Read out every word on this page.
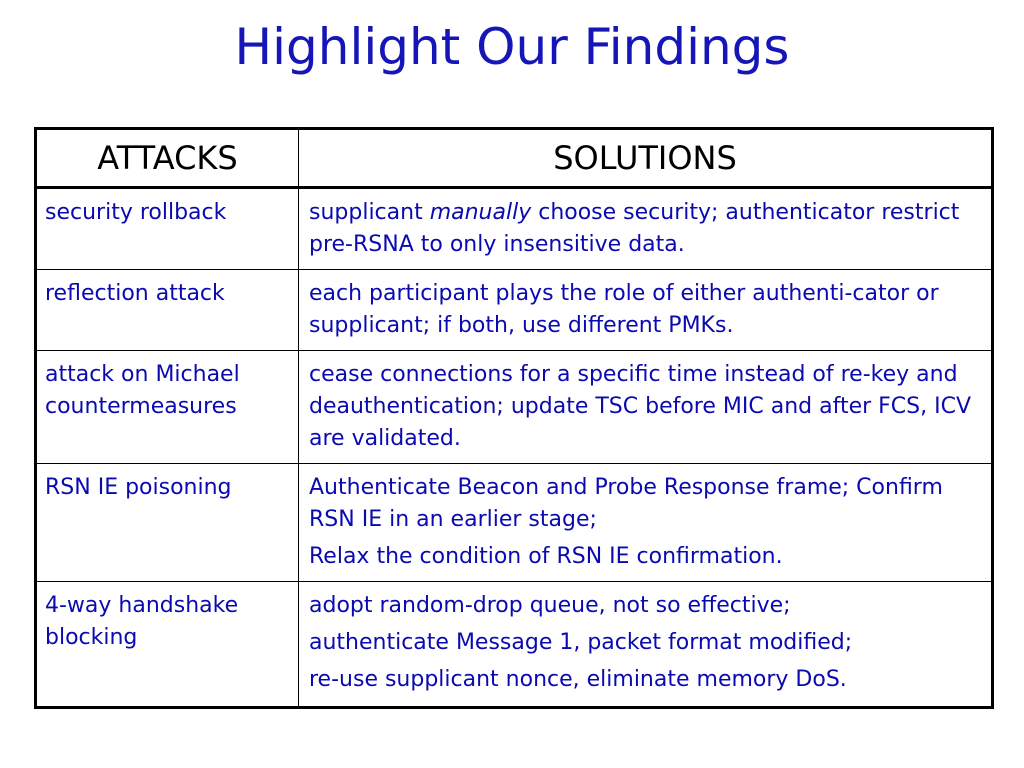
Highlight Our Findings
ATTACKS	SOLUTIONS
security rollback	supplicant manually choose security; authenticator restrict pre-RSNA to only insensitive data.
reflection attack	each participant plays the role of either authenti-cator or supplicant; if both, use different PMKs.
attack on Michael countermeasures	cease connections for a specific time instead of re-key and deauthentication; update TSC before MIC and after FCS, ICV are validated.
RSN IE poisoning	Authenticate Beacon and Probe Response frame; Confirm RSN IE in an earlier stage;
Relax the condition of RSN IE confirmation.

4-way handshake blocking	adopt random-drop queue, not so effective;
authenticate Message 1, packet format modified;
re-use supplicant nonce, eliminate memory DoS.
